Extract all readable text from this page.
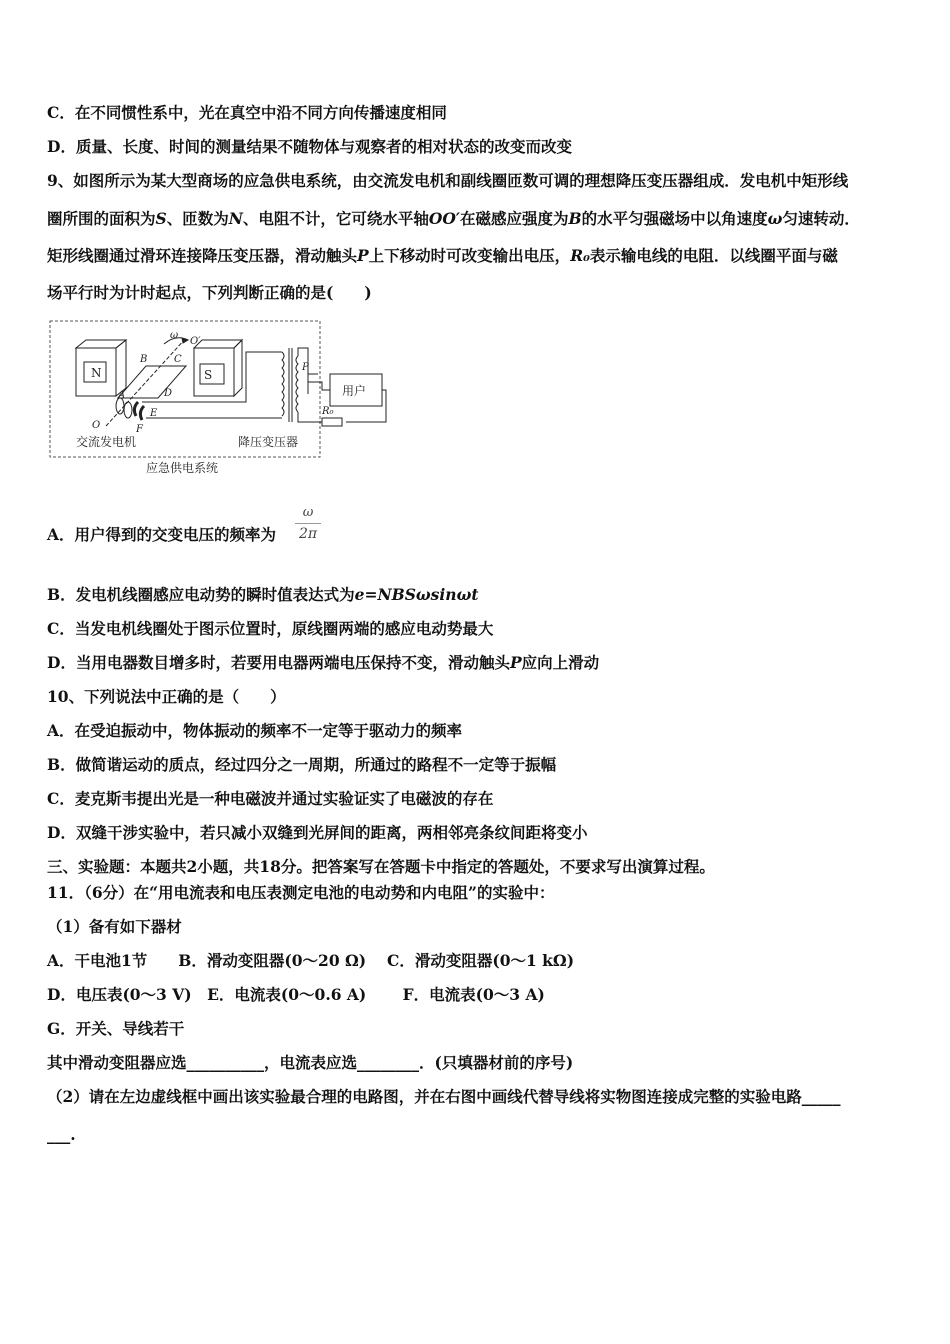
C．在不同惯性系中，光在真空中沿不同方向传播速度相同
D．质量、长度、时间的测量结果不随物体与观察者的相对状态的改变而改变
9、如图所示为某大型商场的应急供电系统，由交流发电机和副线圈匝数可调的理想降压变压器组成．发电机中矩形线
圈所围的面积为S、匝数为N、电阻不计，它可绕水平轴OO′在磁感应强度为B的水平匀强磁场中以角速度ω匀速转动．
矩形线圈通过滑环连接降压变压器，滑动触头P上下移动时可改变输出电压，R₀表示输电线的电阻．以线圈平面与磁
场平行时为计时起点，下列判断正确的是(　　)
N	S
用户
B	C
D
A
E
F
O
O′
ω
P
R₀
交流发电机	降压变压器
应急供电系统
A．用户得到的交变电压的频率为
ω
2π
B．发电机线圈感应电动势的瞬时值表达式为e=NBSωsinωt
C．当发电机线圈处于图示位置时，原线圈两端的感应电动势最大
D．当用电器数目增多时，若要用电器两端电压保持不变，滑动触头P应向上滑动
10、下列说法中正确的是（　　）
A．在受迫振动中，物体振动的频率不一定等于驱动力的频率
B．做简谐运动的质点，经过四分之一周期，所通过的路程不一定等于振幅
C．麦克斯韦提出光是一种电磁波并通过实验证实了电磁波的存在
D．双缝干涉实验中，若只减小双缝到光屏间的距离，两相邻亮条纹间距将变小
三、实验题：本题共2小题，共18分。把答案写在答题卡中指定的答题处，不要求写出演算过程。
11．（6分）在“用电流表和电压表测定电池的电动势和内电阻”的实验中：
（1）备有如下器材
A．干电池1节　　B．滑动变阻器(0～20 Ω)　 C．滑动变阻器(0～1 kΩ)
D．电压表(0～3 V)　E．电流表(0～0.6 A)　　 F．电流表(0～3 A)
G．开关、导线若干
其中滑动变阻器应选__________，电流表应选________．(只填器材前的序号)
（2）请在左边虚线框中画出该实验最合理的电路图，并在右图中画线代替导线将实物图连接成完整的实验电路_____
___.
